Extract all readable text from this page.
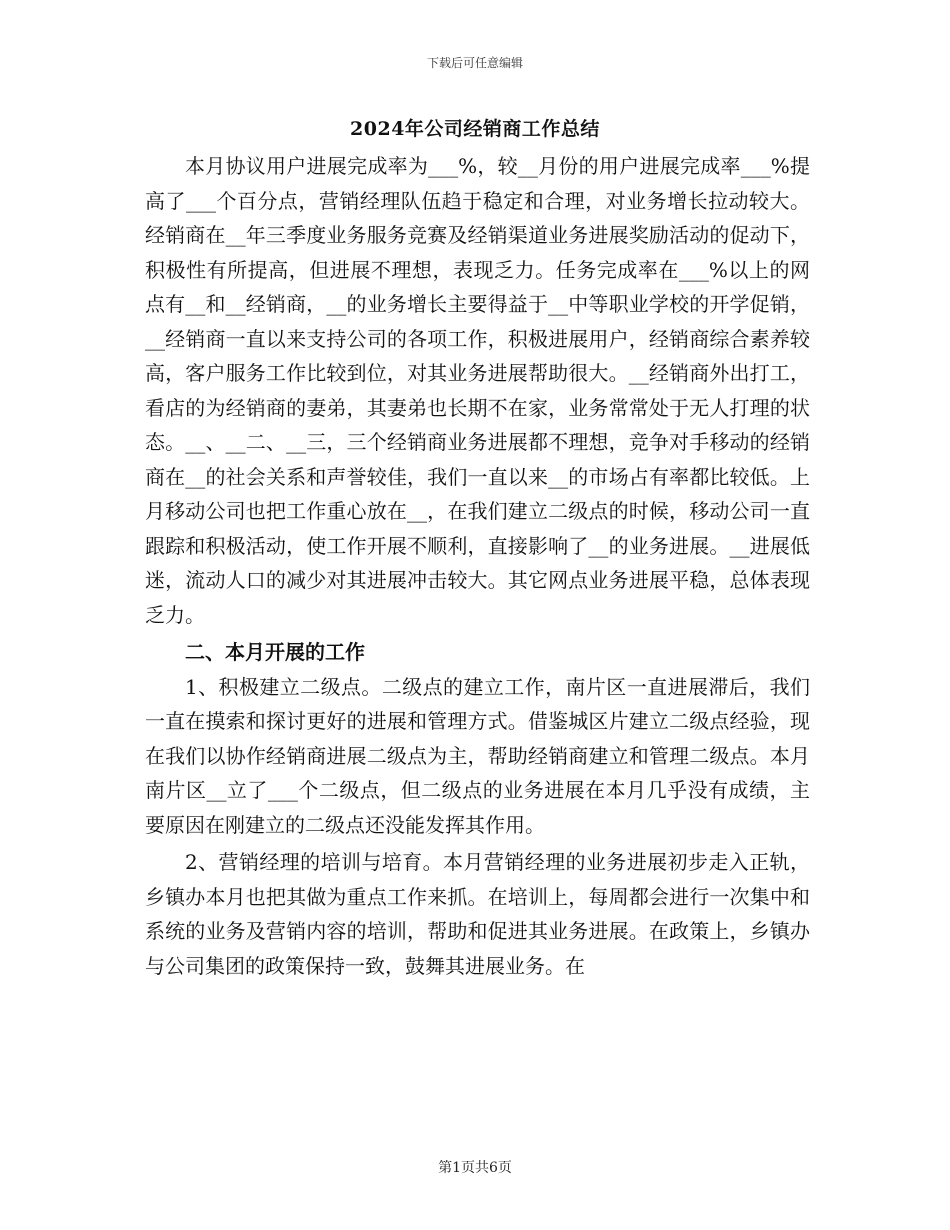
下载后可任意编辑
2024年公司经销商工作总结

本月协议用户进展完成率为___%，较__月份的用户进展完成率___%提高了___个百分点，营销经理队伍趋于稳定和合理，对业务增长拉动较大。经销商在__年三季度业务服务竞赛及经销渠道业务进展奖励活动的促动下，积极性有所提高，但进展不理想，表现乏力。任务完成率在___%以上的网点有__和__经销商，__的业务增长主要得益于__中等职业学校的开学促销，__经销商一直以来支持公司的各项工作，积极进展用户，经销商综合素养较高，客户服务工作比较到位，对其业务进展帮助很大。__经销商外出打工，看店的为经销商的妻弟，其妻弟也长期不在家，业务常常处于无人打理的状态。__、__二、__三，三个经销商业务进展都不理想，竞争对手移动的经销商在__的社会关系和声誉较佳，我们一直以来__的市场占有率都比较低。上月移动公司也把工作重心放在__，在我们建立二级点的时候，移动公司一直跟踪和积极活动，使工作开展不顺利，直接影响了__的业务进展。__进展低迷，流动人口的减少对其进展冲击较大。其它网点业务进展平稳，总体表现乏力。

二、本月开展的工作

1、积极建立二级点。二级点的建立工作，南片区一直进展滞后，我们一直在摸索和探讨更好的进展和管理方式。借鉴城区片建立二级点经验，现在我们以协作经销商进展二级点为主，帮助经销商建立和管理二级点。本月南片区__立了___个二级点，但二级点的业务进展在本月几乎没有成绩，主要原因在刚建立的二级点还没能发挥其作用。

2、营销经理的培训与培育。本月营销经理的业务进展初步走入正轨，乡镇办本月也把其做为重点工作来抓。在培训上，每周都会进行一次集中和系统的业务及营销内容的培训，帮助和促进其业务进展。在政策上，乡镇办与公司集团的政策保持一致，鼓舞其进展业务。在

第1页共6页
